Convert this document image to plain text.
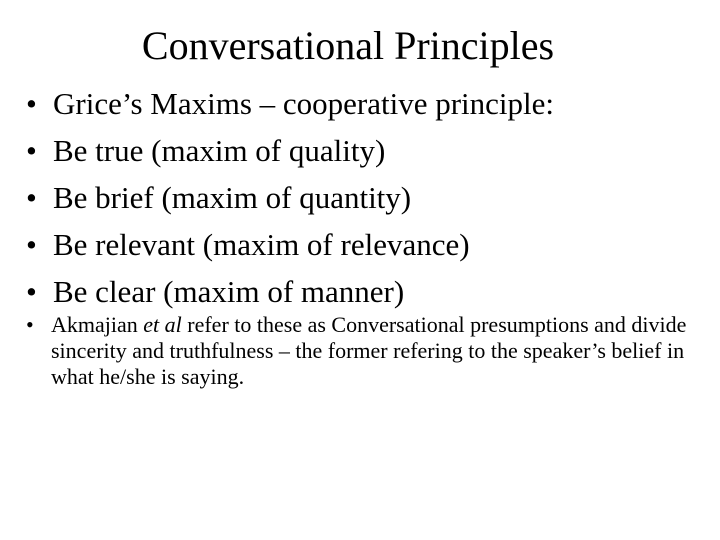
Conversational Principles
• Grice’s Maxims – cooperative principle:
• Be true (maxim of quality)
• Be brief (maxim of quantity)
• Be relevant (maxim of relevance)
• Be clear (maxim of manner)
• Akmajian et al refer to these as Conversational presumptions and divide sincerity and truthfulness – the former refering to the speaker’s belief in what he/she is saying.
